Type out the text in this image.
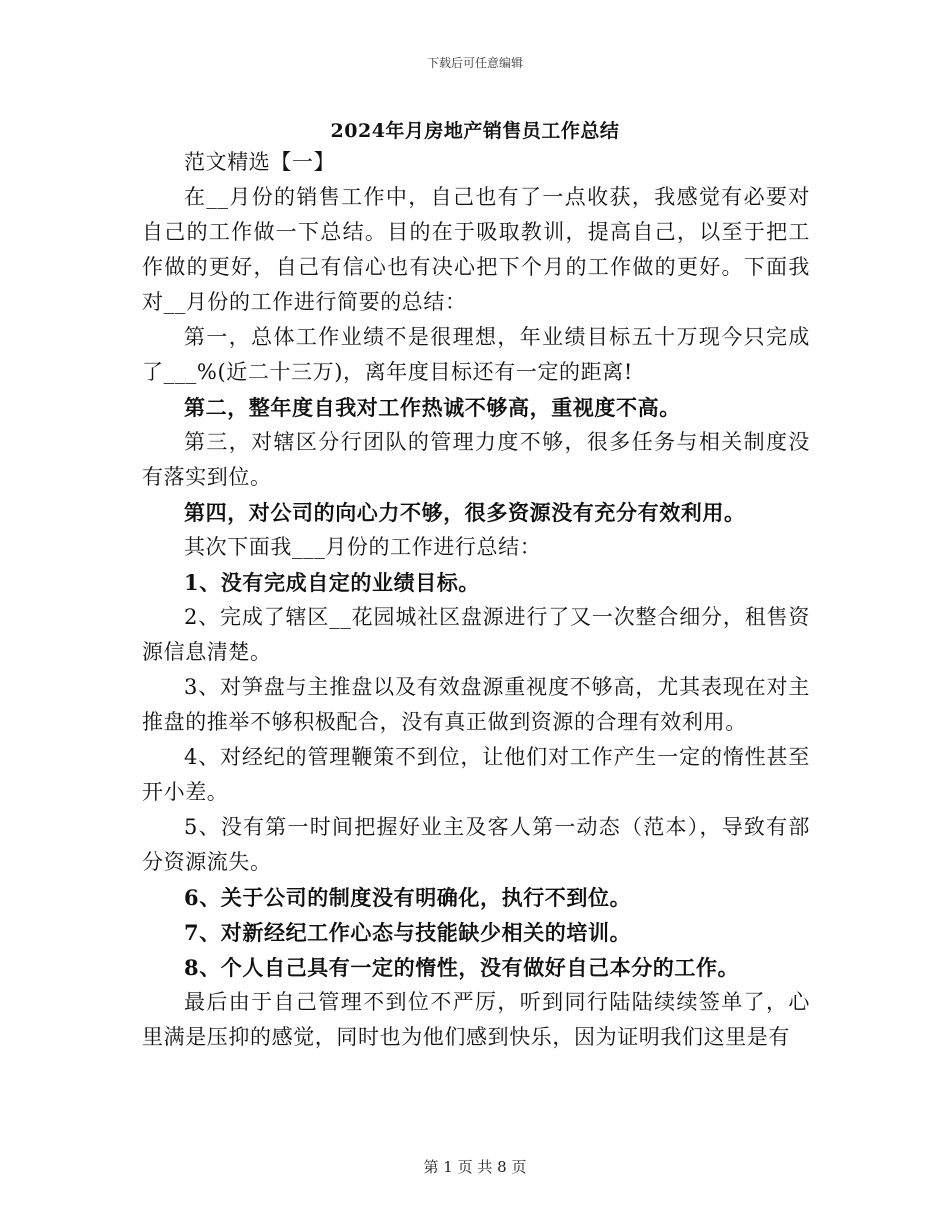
下载后可任意编辑
2024年月房地产销售员工作总结

范文精选【一】

在__月份的销售工作中，自己也有了一点收获，我感觉有必要对自己的工作做一下总结。目的在于吸取教训，提高自己，以至于把工作做的更好，自己有信心也有决心把下个月的工作做的更好。下面我对__月份的工作进行简要的总结：

第一，总体工作业绩不是很理想，年业绩目标五十万现今只完成了___%(近二十三万)，离年度目标还有一定的距离!

第二，整年度自我对工作热诚不够高，重视度不高。

第三，对辖区分行团队的管理力度不够，很多任务与相关制度没有落实到位。

第四，对公司的向心力不够，很多资源没有充分有效利用。

其次下面我___月份的工作进行总结：

1、没有完成自定的业绩目标。

2、完成了辖区__花园城社区盘源进行了又一次整合细分，租售资源信息清楚。

3、对笋盘与主推盘以及有效盘源重视度不够高，尤其表现在对主推盘的推举不够积极配合，没有真正做到资源的合理有效利用。

4、对经纪的管理鞭策不到位，让他们对工作产生一定的惰性甚至开小差。

5、没有第一时间把握好业主及客人第一动态（范本），导致有部分资源流失。

6、关于公司的制度没有明确化，执行不到位。

7、对新经纪工作心态与技能缺少相关的培训。

8、个人自己具有一定的惰性，没有做好自己本分的工作。

最后由于自己管理不到位不严厉，听到同行陆陆续续签单了，心里满是压抑的感觉，同时也为他们感到快乐，因为证明我们这里是有

第 1 页 共 8 页
